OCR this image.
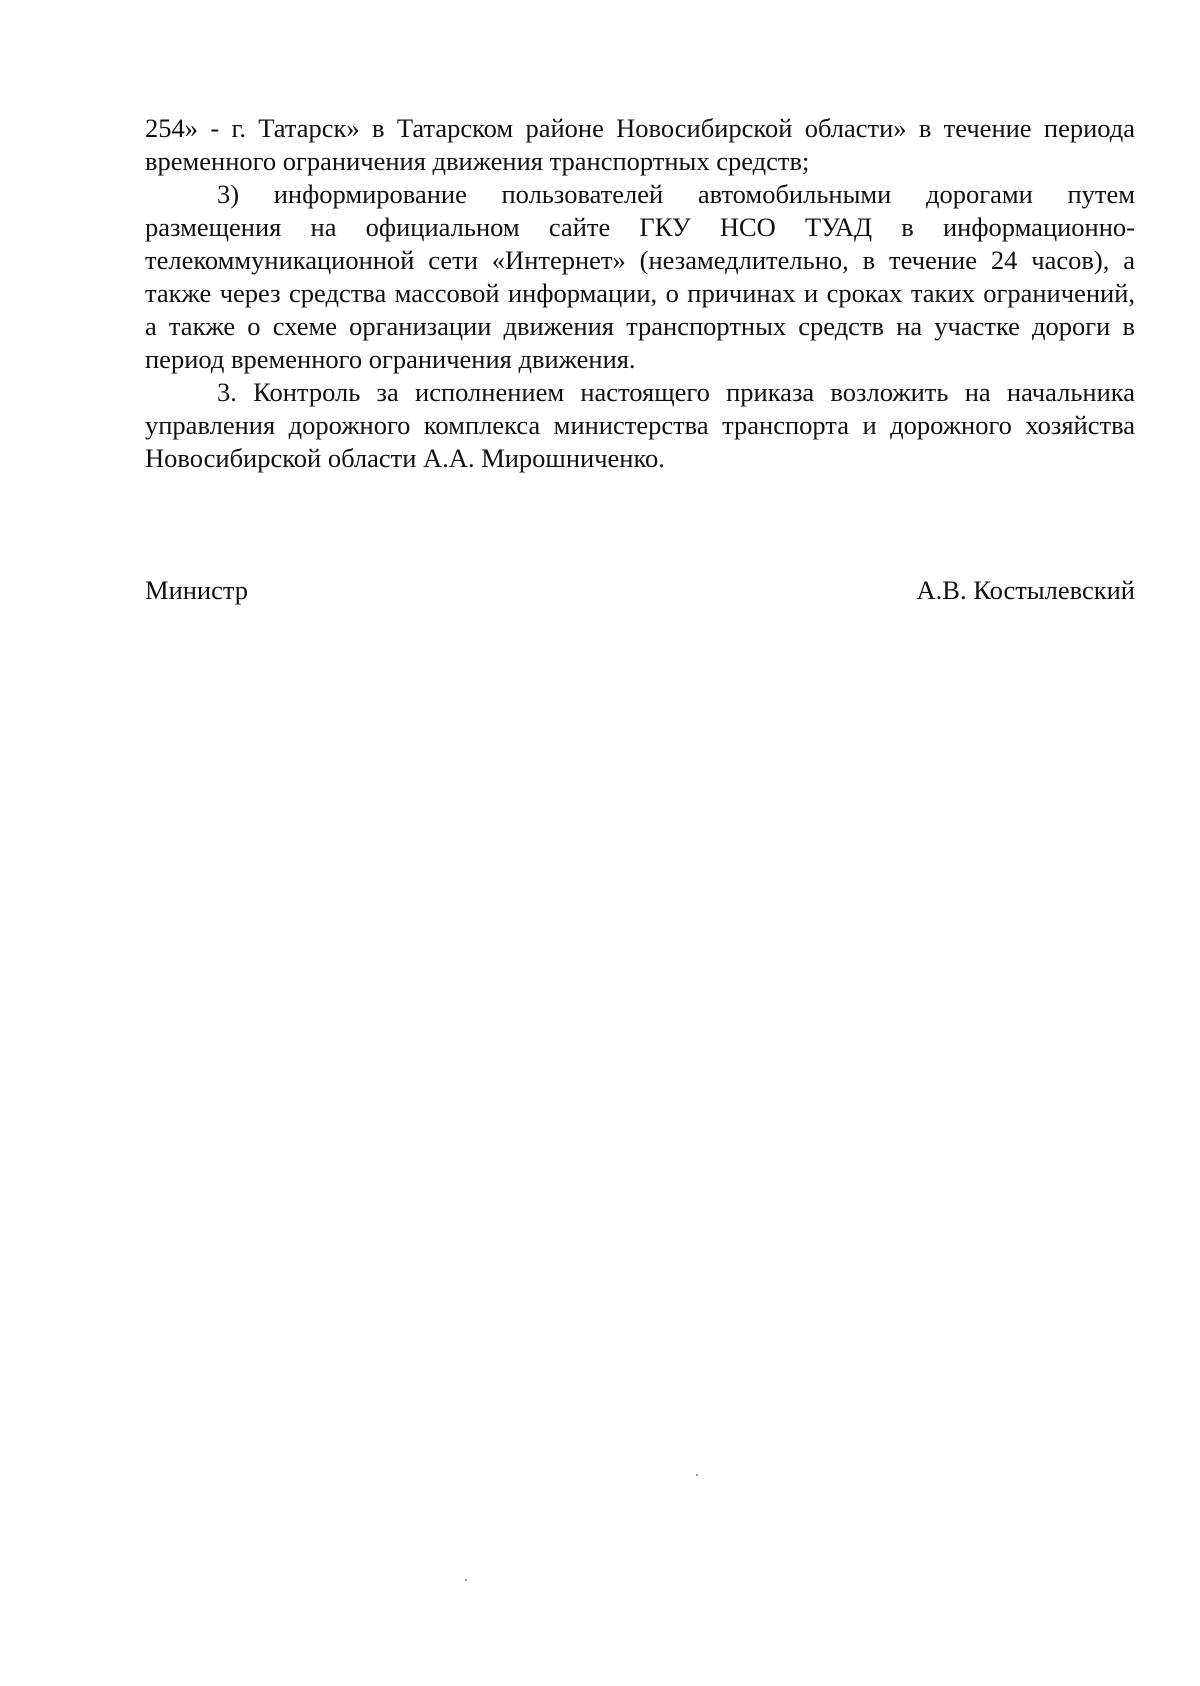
254» - г. Татарск» в Татарском районе Новосибирской области» в течение периода временного ограничения движения транспортных средств;

3) информирование пользователей автомобильными дорогами путем размещения на официальном сайте ГКУ НСО ТУАД в информационно-телекоммуникационной сети «Интернет» (незамедлительно, в течение 24 часов), а также через средства массовой информации, о причинах и сроках таких ограничений, а также о схеме организации движения транспортных средств на участке дороги в период временного ограничения движения.

3. Контроль за исполнением настоящего приказа возложить на начальника управления дорожного комплекса министерства транспорта и дорожного хозяйства Новосибирской области А.А. Мирошниченко.

Министр	А.В. Костылевский
